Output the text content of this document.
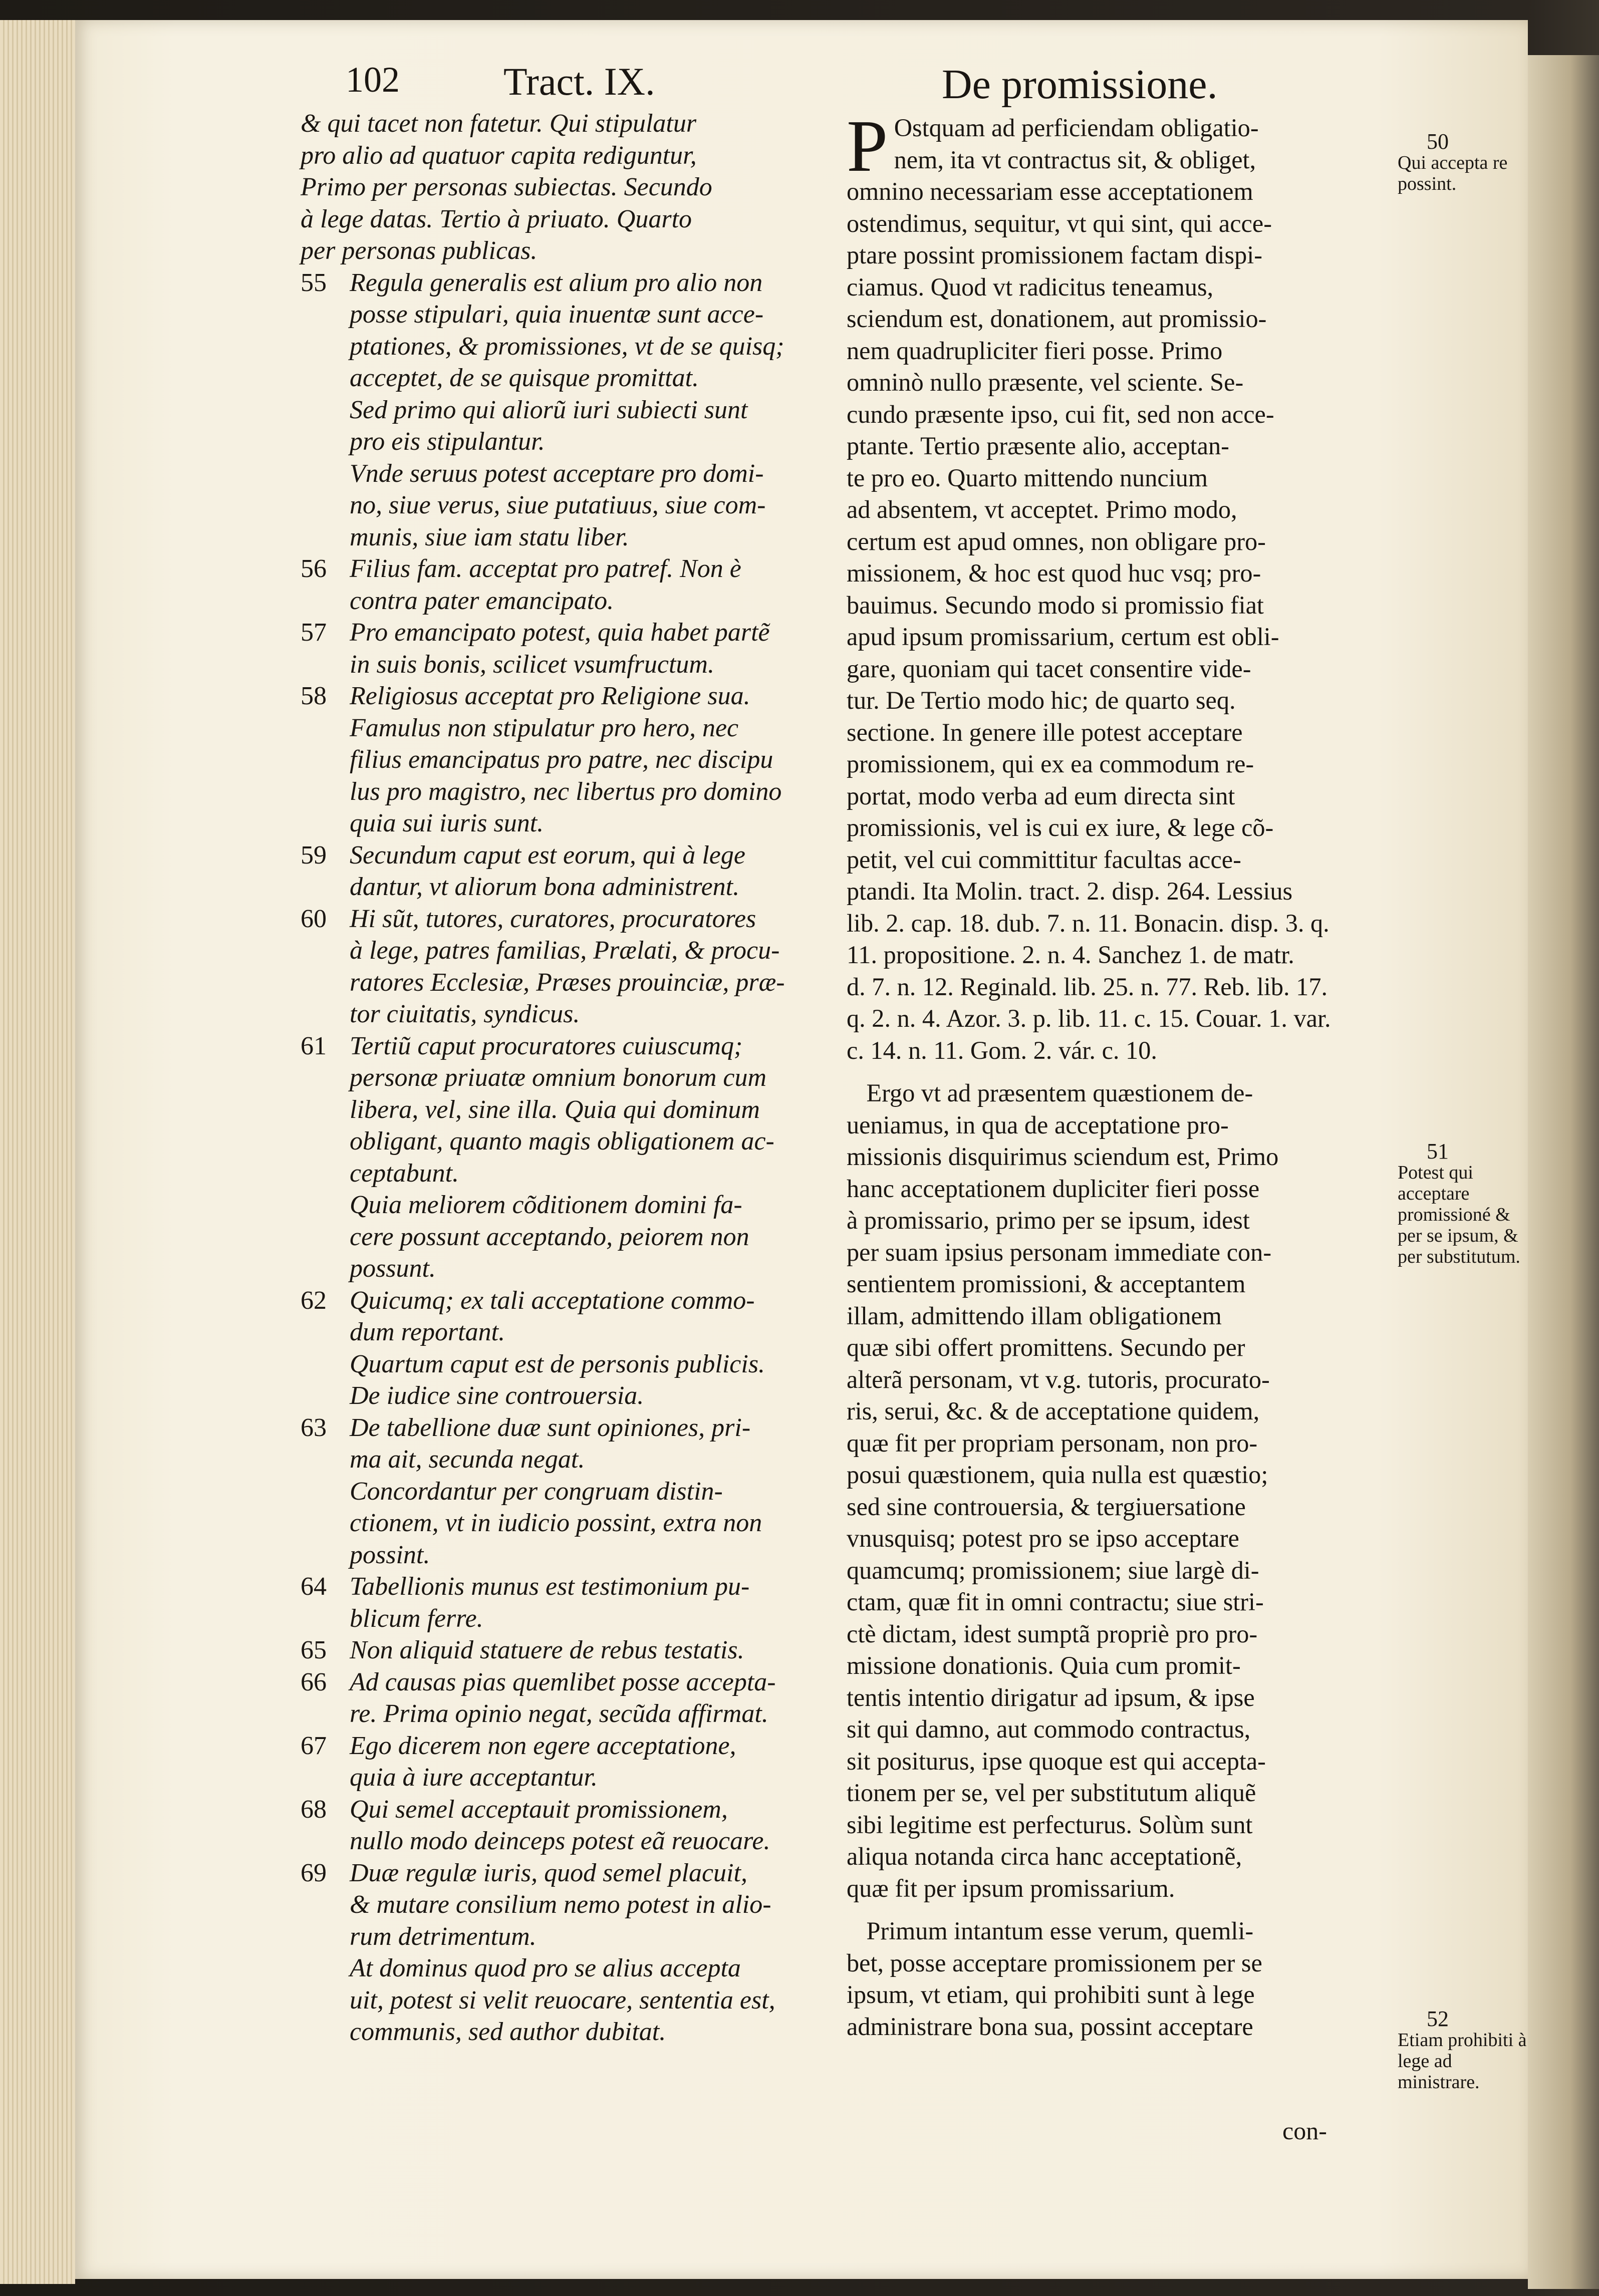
102	Tract. IX.	De promissione.
& qui tacet non fatetur. Qui stipulatur
pro alio ad quatuor capita rediguntur,
Primo per personas subiectas. Secundo
à lege datas. Tertio à priuato. Quarto
per personas publicas.
55 Regula generalis est alium pro alio non
posse stipulari, quia inuentæ sunt acce-
ptationes, & promissiones, vt de se quisq;
acceptet, de se quisque promittat.
Sed primo qui aliorũ iuri subiecti sunt
pro eis stipulantur.
Vnde seruus potest acceptare pro domi-
no, siue verus, siue putatiuus, siue com-
munis, siue iam statu liber.
56 Filius fam. acceptat pro patref. Non è
contra pater emancipato.
57 Pro emancipato potest, quia habet partẽ
in suis bonis, scilicet vsumfructum.
58 Religiosus acceptat pro Religione sua.
Famulus non stipulatur pro hero, nec
filius emancipatus pro patre, nec discipu
lus pro magistro, nec libertus pro domino
quia sui iuris sunt.
59 Secundum caput est eorum, qui à lege
dantur, vt aliorum bona administrent.
60 Hi sũt, tutores, curatores, procuratores
à lege, patres familias, Prælati, & procu-
ratores Ecclesiæ, Præses prouinciæ, præ-
tor ciuitatis, syndicus.
61 Tertiũ caput procuratores cuiuscumq;
personæ priuatæ omnium bonorum cum
libera, vel, sine illa. Quia qui dominum
obligant, quanto magis obligationem ac-
ceptabunt.
Quia meliorem cõditionem domini fa-
cere possunt acceptando, peiorem non
possunt.
62 Quicumq; ex tali acceptatione commo-
dum reportant.
Quartum caput est de personis publicis.
De iudice sine controuersia.
63 De tabellione duæ sunt opiniones, pri-
ma ait, secunda negat.
Concordantur per congruam distin-
ctionem, vt in iudicio possint, extra non
possint.
64 Tabellionis munus est testimonium pu-
blicum ferre.
65 Non aliquid statuere de rebus testatis.
66 Ad causas pias quemlibet posse accepta-
re. Prima opinio negat, secũda affirmat.
67 Ego dicerem non egere acceptatione,
quia à iure acceptantur.
68 Qui semel acceptauit promissionem,
nullo modo deinceps potest eã reuocare.
69 Duæ regulæ iuris, quod semel placuit,
& mutare consilium nemo potest in alio-
rum detrimentum.
At dominus quod pro se alius accepta
uit, potest si velit reuocare, sententia est,
communis, sed author dubitat.
P Ostquam ad perficiendam obligatio-nem, ita vt contractus sit, & obliget,omnino necessariam esse acceptationemostendimus, sequitur, vt qui sint, qui acce-ptare possint promissionem factam dispi-ciamus. Quod vt radicitus teneamus,sciendum est, donationem, aut promissio-nem quadrupliciter fieri posse. Primoomninò nullo præsente, vel sciente. Se-cundo præsente ipso, cui fit, sed non acce-ptante. Tertio præsente alio, acceptan-te pro eo. Quarto mittendo nunciumad absentem, vt acceptet. Primo modo,certum est apud omnes, non obligare pro-missionem, & hoc est quod huc vsq; pro-bauimus. Secundo modo si promissio fiatapud ipsum promissarium, certum est obli-gare, quoniam qui tacet consentire vide-tur. De Tertio modo hic; de quarto seq.sectione. In genere ille potest acceptarepromissionem, qui ex ea commodum re-portat, modo verba ad eum directa sintpromissionis, vel is cui ex iure, & lege cõ-petit, vel cui committitur facultas acce-ptandi. Ita Molin. tract. 2. disp. 264. Lessiuslib. 2. cap. 18. dub. 7. n. 11. Bonacin. disp. 3. q.11. propositione. 2. n. 4. Sanchez 1. de matr.d. 7. n. 12. Reginald. lib. 25. n. 77. Reb. lib. 17.q. 2. n. 4. Azor. 3. p. lib. 11. c. 15. Couar. 1. var.c. 14. n. 11. Gom. 2. vár. c. 10.
Ergo vt ad præsentem quæstionem de-ueniamus, in qua de acceptatione pro-missionis disquirimus sciendum est, Primohanc acceptationem dupliciter fieri posseà promissario, primo per se ipsum, idestper suam ipsius personam immediate con-sentientem promissioni, & acceptantemillam, admittendo illam obligationemquæ sibi offert promittens. Secundo peralterã personam, vt v.g. tutoris, procurato-ris, serui, &c. & de acceptatione quidem,quæ fit per propriam personam, non pro-posui quæstionem, quia nulla est quæstio;sed sine controuersia, & tergiuersationevnusquisq; potest pro se ipso acceptarequamcumq; promissionem; siue largè di-ctam, quæ fit in omni contractu; siue stri-ctè dictam, idest sumptã propriè pro pro-missione donationis. Quia cum promit-tentis intentio dirigatur ad ipsum, & ipsesit qui damno, aut commodo contractus,sit positurus, ipse quoque est qui accepta-tionem per se, vel per substitutum aliquẽsibi legitime est perfecturus. Solùm suntaliqua notanda circa hanc acceptationẽ,quæ fit per ipsum promissarium.
Primum intantum esse verum, quemli-bet, posse acceptare promissionem per seipsum, vt etiam, qui prohibiti sunt à legeadministrare bona sua, possint acceptare
50
Qui accepta re possint.
51
Potest qui acceptare promissioné & per se ipsum, & per substitutum.
52
Etiam prohibiti à lege ad ministrare.
con-
